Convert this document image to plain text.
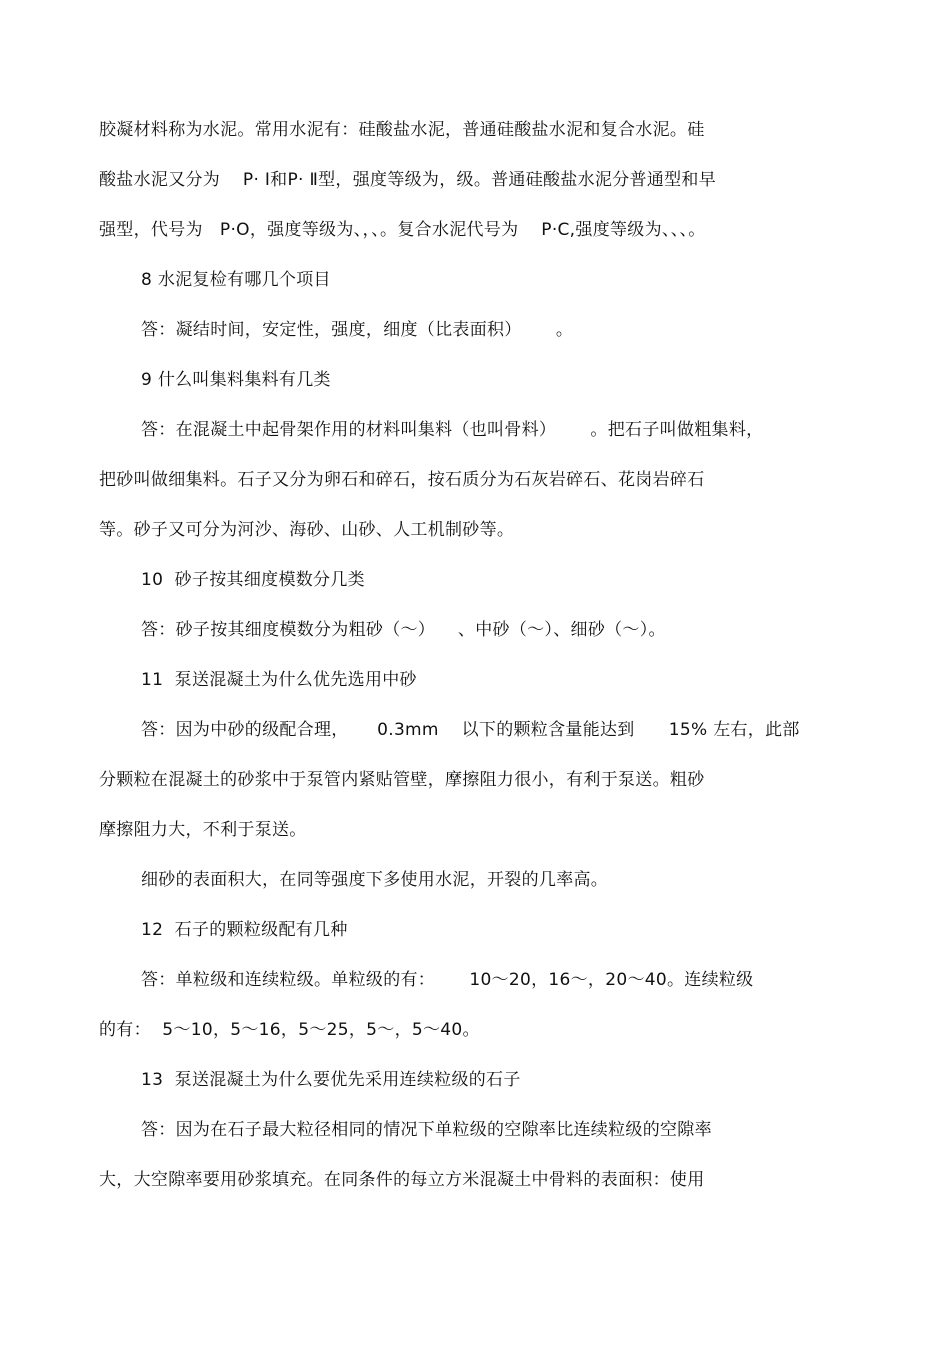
胶凝材料称为水泥。常用水泥有：硅酸盐水泥，普通硅酸盐水泥和复合水泥。硅
酸盐水泥又分为    P· Ⅰ和P· Ⅱ型，强度等级为，级。普通硅酸盐水泥分普通型和早
强型，代号为   P·O，强度等级为、，、。复合水泥代号为    P·C,强度等级为、、、。
8 水泥复检有哪几个项目
答：凝结时间，安定性，强度，细度（比表面积）      。
9 什么叫集料集料有几类
答：在混凝土中起骨架作用的材料叫集料（也叫骨料）      。把石子叫做粗集料，
把砂叫做细集料。石子又分为卵石和碎石，按石质分为石灰岩碎石、花岗岩碎石
等。砂子又可分为河沙、海砂、山砂、人工机制砂等。
10  砂子按其细度模数分几类
答：砂子按其细度模数分为粗砂（～）    、中砂（～）、细砂（～）。
11  泵送混凝土为什么优先选用中砂
答：因为中砂的级配合理，     0.3mm    以下的颗粒含量能达到      15% 左右，此部
分颗粒在混凝土的砂浆中于泵管内紧贴管壁，摩擦阻力很小，有利于泵送。粗砂
摩擦阻力大，不利于泵送。
细砂的表面积大，在同等强度下多使用水泥，开裂的几率高。
12  石子的颗粒级配有几种
答：单粒级和连续粒级。单粒级的有：      10～20，16～，20～40。连续粒级
的有：  5～10，5～16，5～25，5～，5～40。
13  泵送混凝土为什么要优先采用连续粒级的石子
答：因为在石子最大粒径相同的情况下单粒级的空隙率比连续粒级的空隙率
大，大空隙率要用砂浆填充。在同条件的每立方米混凝土中骨料的表面积：使用
